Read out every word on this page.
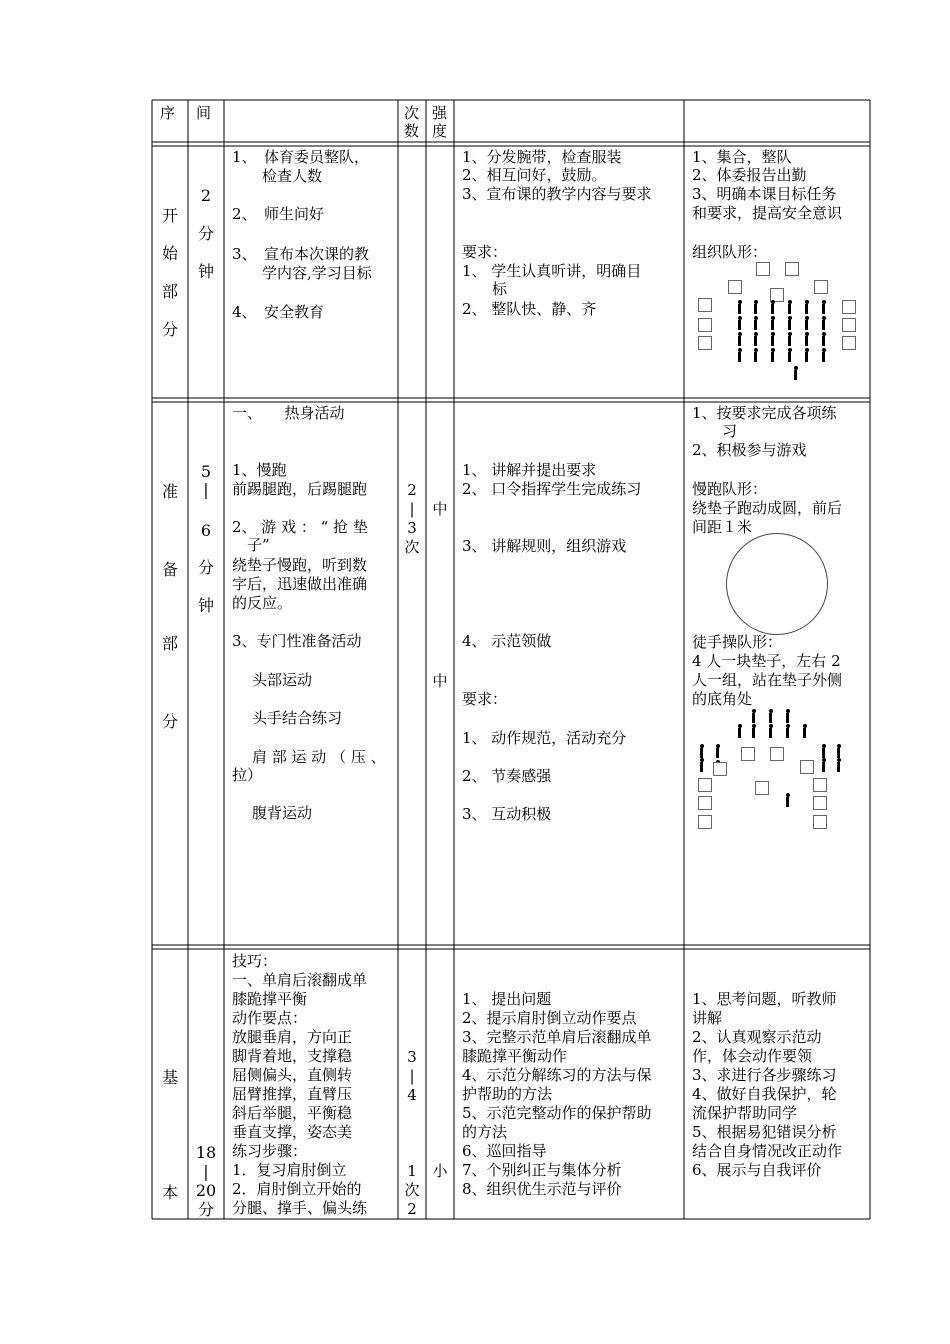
序 间	次数
强度
开
始
部
分
2
分
钟
1、　体育委员整队，
　　检查人数
2、　师生问好
3、　宣布本次课的教
　　学内容,学习目标
4、　安全教育
1、分发腕带，检查服装
2、相互问好，鼓励。
3、宣布课的教学内容与要求
要求：
1、 学生认真听讲，明确目
　　标
2、 整队快、静、齐
1、集合，整队
2、体委报告出勤
3、明确本课目标任务
和要求，提高安全意识
组织队形：
准
备
部
分
5
|
6
分
钟
2
|
3
次
中
中
一、　　热身活动
1、慢跑
前踢腿跑，后踢腿跑
2、 游 戏 ： “ 抢 垫
　子”
绕垫子慢跑，听到数
字后，迅速做出准确
的反应。
3、专门性准备活动
头部运动
头手结合练习
肩 部 运 动 （ 压 、
拉）
腹背运动
1、 讲解并提出要求
2、 口令指挥学生完成练习
3、 讲解规则，组织游戏
4、 示范领做
要求：
1、 动作规范，活动充分
2、 节奏感强
3、 互动积极
1、按要求完成各项练
　　习
2、积极参与游戏
慢跑队形：
绕垫子跑动成圆，前后
间距１米
徒手操队形：
4 人一块垫子，左右 2
人一组，站在垫子外侧
的底角处
基
本
18
|
20
分
3
|
4
1
次
2
小
技巧：
一、单肩后滚翻成单
膝跪撑平衡
动作要点：
放腿垂肩，方向正
脚背着地，支撑稳
屈侧偏头，直侧转
屈臂推撑，直臂压
斜后举腿，平衡稳
垂直支撑，姿态美
练习步骤：
1．复习肩肘倒立
2．肩肘倒立开始的
分腿、撑手、偏头练
1、 提出问题
2、提示肩肘倒立动作要点
3、完整示范单肩后滚翻成单
膝跪撑平衡动作
4、示范分解练习的方法与保
护帮助的方法
5、示范完整动作的保护帮助
的方法
6、巡回指导
7、个别纠正与集体分析
8、组织优生示范与评价
1、思考问题，听教师
讲解
2、认真观察示范动
作，体会动作要领
3、求进行各步骤练习
4、做好自我保护，轮
流保护帮助同学
5、根据易犯错误分析
结合自身情况改正动作
6、展示与自我评价
